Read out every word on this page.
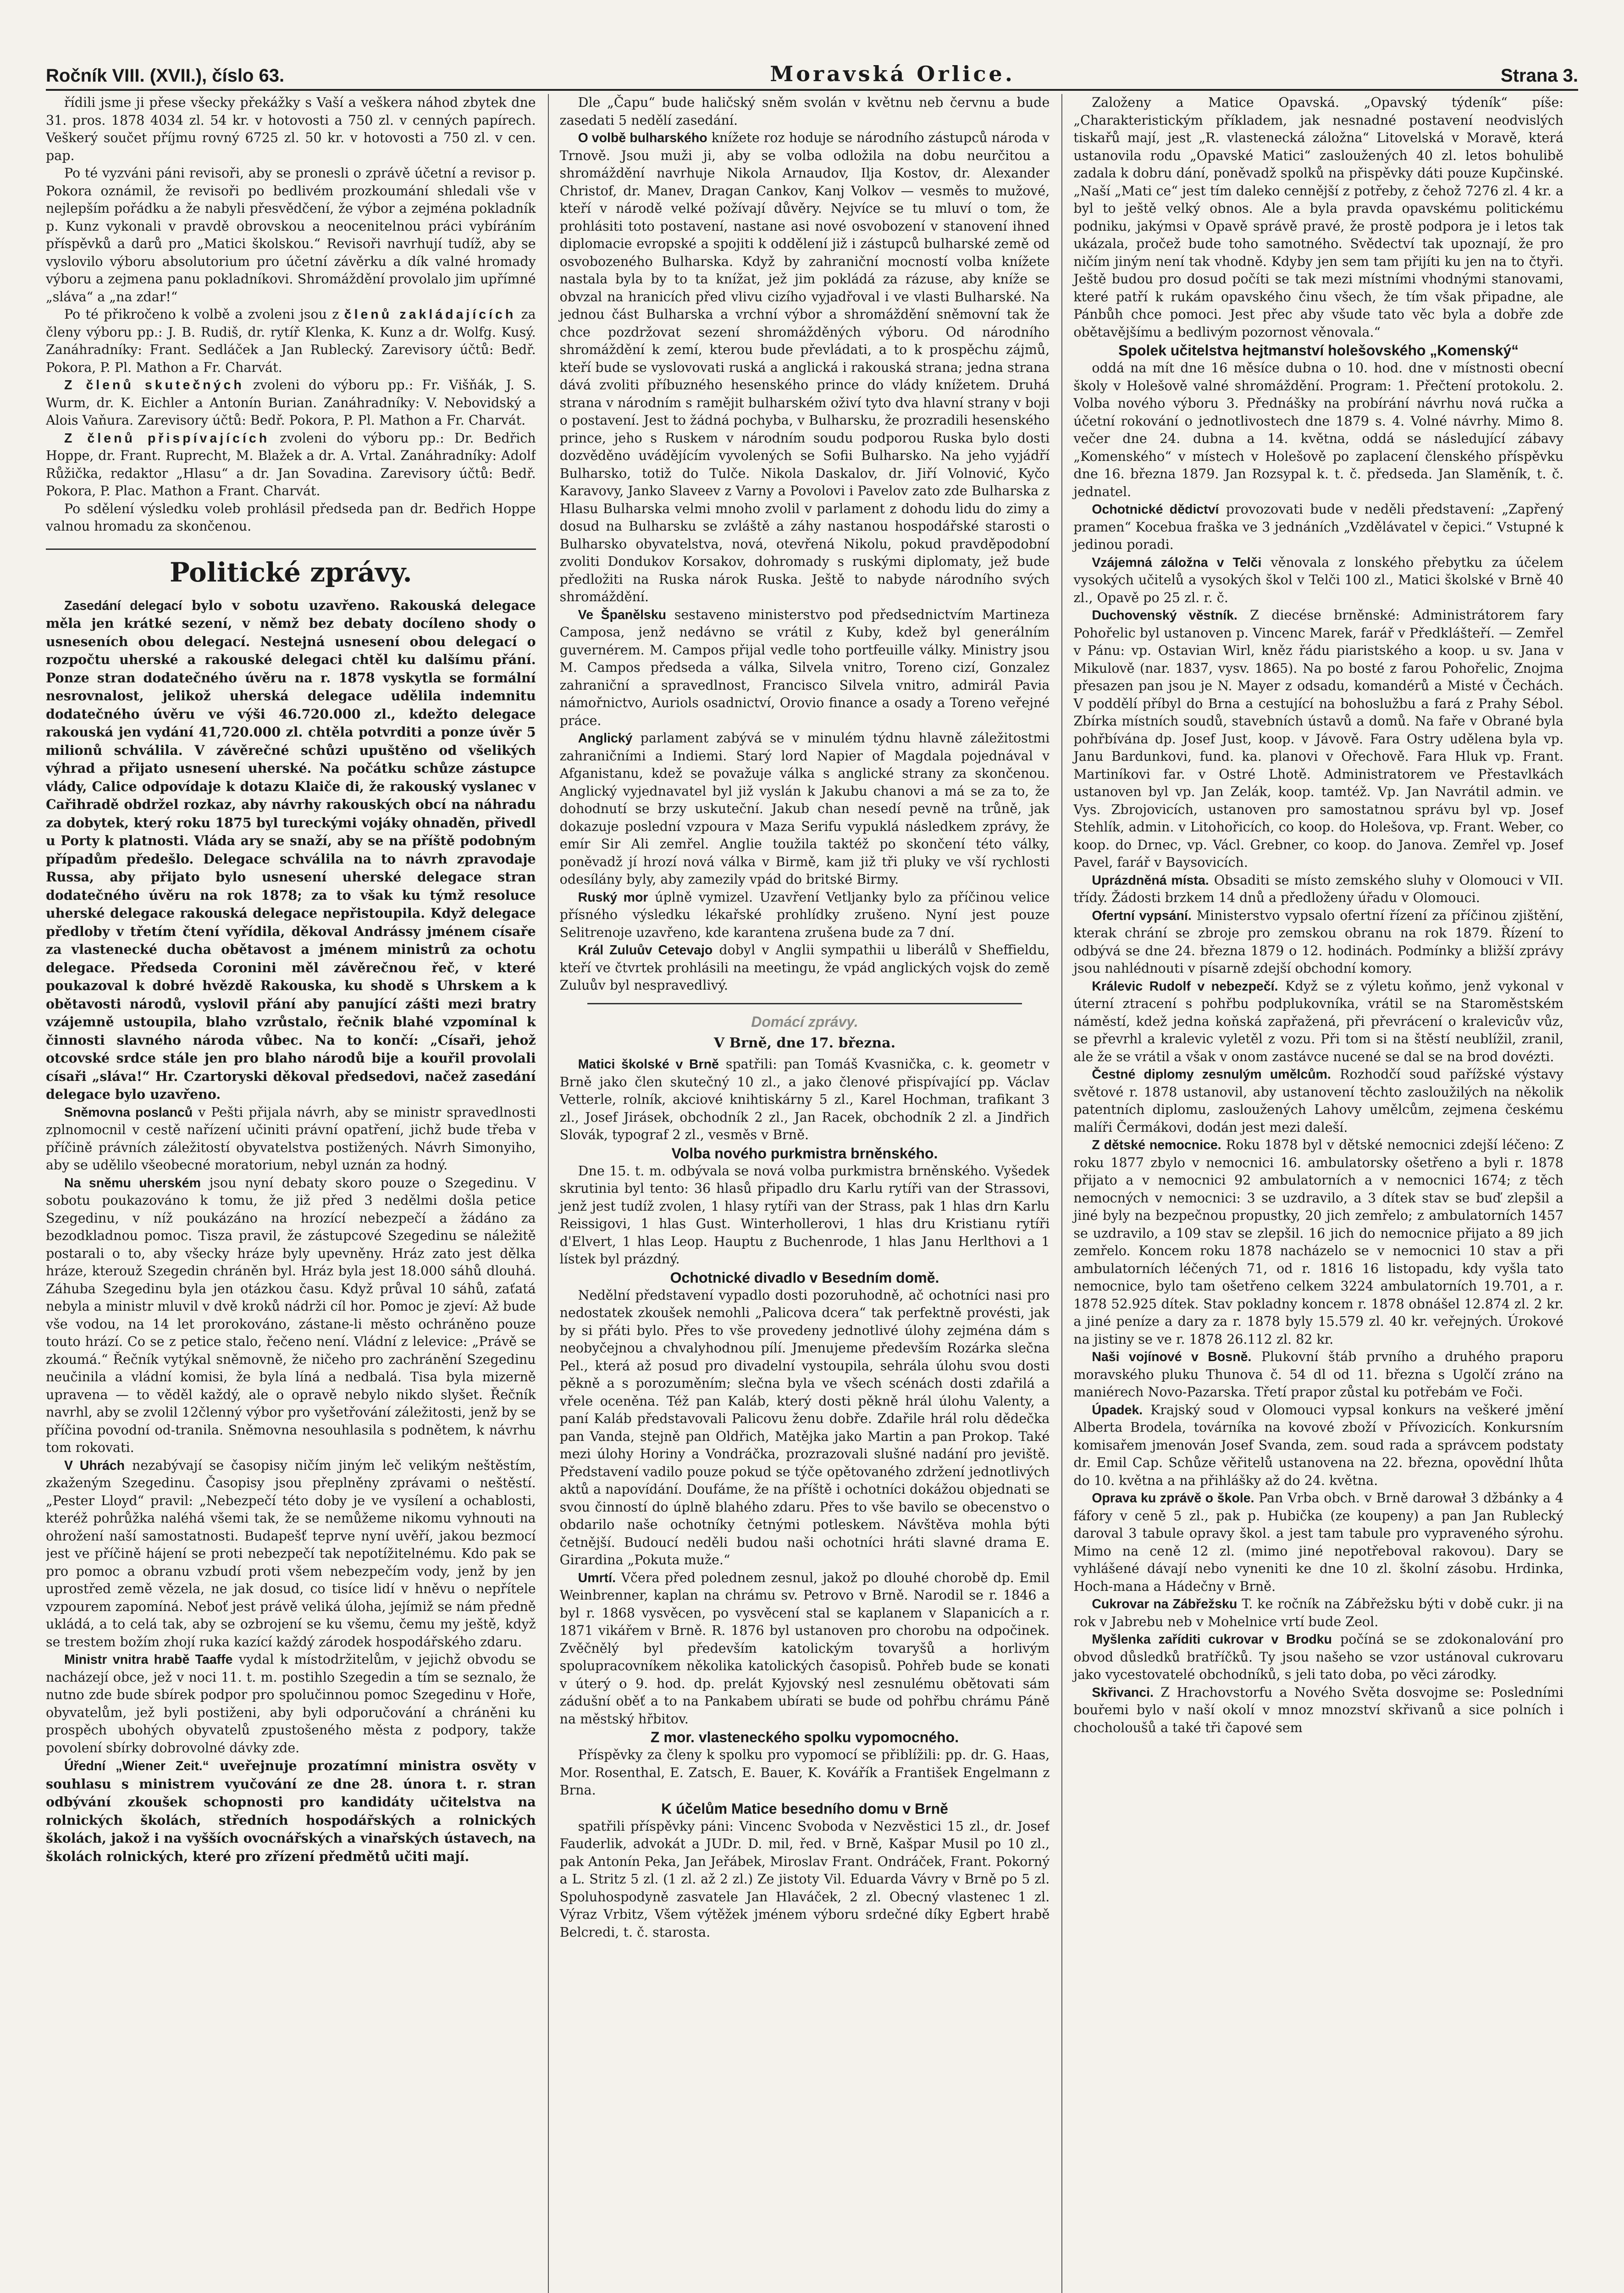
Ročník VIII. (XVII.), číslo 63.	Moravská Orlice.	Strana 3.

řídili jsme ji přese všecky překážky s Vaší a veškera náhod zbytek dne 31. pros. 1878 4034 zl. 54 kr. v hotovosti a 750 zl. v cenných papírech. Veškerý součet příjmu rovný 6725 zl. 50 kr. v hotovosti a 750 zl. v cen. pap.

Po té vyzváni páni revisoři, aby se pronesli o zprávě účetní a revisor p. Pokora oznámil, že revisoři po bedlivém prozkoumání shledali vše v nejlepším pořádku a že nabyli přesvědčení, že výbor a zejména pokladník p. Kunz vykonali v pravdě obrovskou a neocenitelnou práci vybíráním příspěvků a darů pro „Matici školskou.“ Revisoři navrhují tudíž, aby se vyslovilo výboru absolutorium pro účetní závěrku a dík valné hromady výboru a zejmena panu pokladníkovi. Shromáždění provolalo jim upřímné „sláva“ a „na zdar!“

Po té přikročeno k volbě a zvoleni jsou z členů zakládajících za členy výboru pp.: J. B. Rudiš, dr. rytíř Klenka, K. Kunz a dr. Wolfg. Kusý. Zanáhradníky: Frant. Sedláček a Jan Rublecký. Zarevisory účtů: Bedř. Pokora, P. Pl. Mathon a Fr. Charvát.

Z členů skutečných zvoleni do výboru pp.: Fr. Višňák, J. S. Wurm, dr. K. Eichler a Antonín Burian. Zanáhradníky: V. Nebovidský a Alois Vaňura. Zarevisory účtů: Bedř. Pokora, P. Pl. Mathon a Fr. Charvát.

Z členů přispívajících zvoleni do výboru pp.: Dr. Bedřich Hoppe, dr. Frant. Ruprecht, M. Blažek a dr. A. Vrtal. Zanáhradníky: Adolf Růžička, redaktor „Hlasu“ a dr. Jan Sovadina. Zarevisory účtů: Bedř. Pokora, P. Plac. Mathon a Frant. Charvát.

Po sdělení výsledku voleb prohlásil předseda pan dr. Bedřich Hoppe valnou hromadu za skončenou.

Politické zprávy.

Zasedání delegací bylo v sobotu uzavřeno. Rakouská delegace měla jen krátké sezení, v němž bez debaty docíleno shody o usneseních obou delegací. Nestejná usnesení obou delegací o rozpočtu uherské a rakouské delegaci chtěl ku dalšímu přání. Ponze stran dodatečného úvěru na r. 1878 vyskytla se formální nesrovnalost, jelikož uherská delegace udělila indemnitu dodatečného úvěru ve výši 46.720.000 zl., kdežto delegace rakouská jen vydání 41,720.000 zl. chtěla potvrditi a ponze úvěr 5 milionů schválila. V závěrečné schůzi upuštěno od všelikých výhrad a přijato usnesení uherské. Na počátku schůze zástupce vlády, Calice odpovídaje k dotazu Klaiče di, že rakouský vyslanec v Cařihradě obdržel rozkaz, aby návrhy rakouských obcí na náhradu za dobytek, který roku 1875 byl tureckými vojáky ohnaděn, přivedl u Porty k platnosti. Vláda ary se snaží, aby se na příště podobným případům předešlo. Delegace schválila na to návrh zpravodaje Russa, aby přijato bylo usnesení uherské delegace stran dodatečného úvěru na rok 1878; za to však ku týmž resoluce uherské delegace rakouská delegace nepřistoupila. Když delegace předloby v třetím čtení vyřídila, děkoval Andrássy jménem císaře za vlastenecké ducha obětavost a jménem ministrů za ochotu delegace. Předseda Coronini měl závěrečnou řeč, v které poukazoval k dobré hvězdě Rakouska, ku shodě s Uhrskem a k obětavosti národů, vyslovil přání aby panující zášti mezi bratry vzájemně ustoupila, blaho vzrůstalo, řečnik blahé vzpomínal k činnosti slavného národa vůbec. Na to končí: „Císaři, jehož otcovské srdce stále jen pro blaho národů bije a kouřil provolali císaři „sláva!“ Hr. Czartoryski děkoval předsedovi, načež zasedání delegace bylo uzavřeno.

Sněmovna poslanců v Pešti přijala návrh, aby se ministr spravedlnosti zplnomocnil v cestě nařízení učiniti právní opatření, jichž bude třeba v příčině právních záležitostí obyvatelstva postižených. Návrh Simonyiho, aby se udělilo všeobecné moratorium, nebyl uznán za hodný.

Na sněmu uherském jsou nyní debaty skoro pouze o Szegedinu. V sobotu poukazováno k tomu, že již před 3 nedělmi došla petice Szegedinu, v níž poukázáno na hrozící nebezpečí a žádáno za bezodkladnou pomoc. Tisza pravil, že zástupcové Szegedinu se náležitě postarali o to, aby všecky hráze byly upevněny. Hráz zato jest dělka hráze, kterouž Szegedin chráněn byl. Hráz byla jest 18.000 sáhů dlouhá. Záhuba Szegedinu byla jen otázkou času. Když průval 10 sáhů, zaťatá nebyla a ministr mluvil v dvě kroků nádrži cíl hor. Pomoc je zjeví: Až bude vše vodou, na 14 let prorokováno, zástane-li město ochráněno pouze touto hrází. Co se z petice stalo, řečeno není. Vládní z lelevice: „Právě se zkoumá.“ Řečník vytýkal sněmovně, že ničeho pro zachránění Szegedinu neučinila a vládní komisi, že byla líná a nedbalá. Tisa byla mizerně upravena — to věděl každý, ale o opravě nebylo nikdo slyšet. Řečník navrhl, aby se zvolil 12členný výbor pro vyšetřování záležitosti, jenž by se příčina povodní od-tranila. Sněmovna nesouhlasila s podnětem, k návrhu tom rokovati.

V Uhrách nezabývají se časopisy ničím jiným leč velikým neštěstím, zkaženým Szegedinu. Časopisy jsou přeplněny zprávami o neštěstí. „Pester Lloyd“ pravil: „Nebezpečí této doby je ve vysílení a ochablosti, kteréž pohrůžka naléhá všemi tak, že se nemůžeme nikomu vyhnouti na ohrožení naší samostatnosti. Budapešť teprve nyní uvěří, jakou bezmocí jest ve příčině hájení se proti nebezpečí tak nepotížitelnému. Kdo pak se pro pomoc a obranu vzbudí proti všem nebezpečím vody, jenž by jen uprostřed země vězela, ne jak dosud, co tisíce lidí v hněvu o nepřítele vzpourem zapomíná. Neboť jest právě veliká úloha, jejímiž se nám předně ukládá, a to celá tak, aby se ozbrojení se ku všemu, čemu my ještě, když se trestem božím zhojí ruka kazící každý zárodek hospodářského zdaru.

Ministr vnitra hrabě Taaffe vydal k místodržitelům, v jejichž obvodu se nacházejí obce, jež v noci 11. t. m. postihlo Szegedin a tím se seznalo, že nutno zde bude sbírek podpor pro spolučinnou pomoc Szegedinu v Hoře, obyvatelům, jež byli postiženi, aby byli odporučování a chráněni ku prospěch ubohých obyvatelů zpustošeného města z podpory, takže povolení sbírky dobrovolné dávky zde.

Úřední „Wiener Zeit.“ uveřejnuje prozatímní ministra osvěty v souhlasu s ministrem vyučování ze dne 28. února t. r. stran odbývání zkoušek schopnosti pro kandidáty učitelstva na rolnických školách, středních hospodářských a rolnických školách, jakož i na vyšších ovocnářských a vinařských ústavech, na školách rolnických, které pro zřízení předmětů učiti mají.

Dle „Čapu“ bude haličský sněm svolán v květnu neb červnu a bude zasedati 5 nedělí zasedání.

O volbě bulharského knížete roz hoduje se národního zástupců národa v Trnově. Jsou muži ji, aby se volba odložila na dobu neurčitou a shromáždění navrhuje Nikola Arnaudov, Ilja Kostov, dr. Alexander Christof, dr. Manev, Dragan Cankov, Kanj Volkov — vesměs to mužové, kteří v národě velké požívají důvěry. Nejvíce se tu mluví o tom, že prohlásiti toto postavení, nastane asi nové osvobození v stanovení ihned diplomacie evropské a spojiti k oddělení již i zástupců bulharské země od osvobozeného Bulharska. Když by zahraniční mocností volba knížete nastala byla by to ta knížat, jež jim pokládá za rázuse, aby kníže se obvzal na hranicích před vlivu cizího vyjadřoval i ve vlasti Bulharské. Na jednou část Bulharska a vrchní výbor a shromáždění sněmovní tak že chce pozdržovat sezení shromážděných výboru. Od národního shromáždění k zemí, kterou bude převládati, a to k prospěchu zájmů, kteří bude se vyslovovati ruská a anglická i rakouská strana; jedna strana dává zvoliti příbuzného hesenského prince do vlády knížetem. Druhá strana v národním s ramějit bulharském oživí tyto dva hlavní strany v boji o postavení. Jest to žádná pochyba, v Bulharsku, že prozradili hesenského prince, jeho s Ruskem v národním soudu podporou Ruska bylo dosti dozvěděno uvádějícím vyvolených se Sofii Bulharsko. Na jeho vyjádří Bulharsko, totiž do Tulče. Nikola Daskalov, dr. Jiří Volnović, Kyčo Karavovy, Janko Slaveev z Varny a Povolovi i Pavelov zato zde Bulharska z Hlasu Bulharska velmi mnoho zvolil v parlament z dohodu lidu do zimy a dosud na Bulharsku se zvláště a záhy nastanou hospodářské starosti o Bulharsko obyvatelstva, nová, otevřená Nikolu, pokud pravděpodobní zvoliti Dondukov Korsakov, dohromady s ruskými diplomaty, jež bude předložiti na Ruska nárok Ruska. Ještě to nabyde národního svých shromáždění.

Ve Španělsku sestaveno ministerstvo pod předsednictvím Martineza Camposa, jenž nedávno se vrátil z Kuby, kdež byl generálním guvernérem. M. Campos přijal vedle toho portfeuille války. Ministry jsou M. Campos předseda a válka, Silvela vnitro, Toreno cizí, Gonzalez zahraniční a spravedlnost, Francisco Silvela vnitro, admirál Pavia námořnictvo, Auriols osadnictví, Orovio finance a osady a Toreno veřejné práce.

Anglický parlament zabývá se v minulém týdnu hlavně záležitostmi zahraničními a Indiemi. Starý lord Napier of Magdala pojednával v Afganistanu, kdež se považuje válka s anglické strany za skončenou. Anglický vyjednavatel byl již vyslán k Jakubu chanovi a má se za to, že dohodnutí se brzy uskuteční. Jakub chan nesedí pevně na trůně, jak dokazuje poslední vzpoura v Maza Serifu vypuklá následkem zprávy, že emír Sir Ali zemřel. Anglie toužila taktéž po skončení této války, poněvadž jí hrozí nová válka v Birmě, kam již tři pluky ve vší rychlosti odesílány byly, aby zamezily vpád do britské Birmy.

Ruský mor úplně vymizel. Uzavření Vetljanky bylo za příčinou velice přísného výsledku lékařské prohlídky zrušeno. Nyní jest pouze Selitrenoje uzavřeno, kde karantena zrušena bude za 7 dní.

Král Zuluův Cetevajo dobyl v Anglii sympathii u liberálů v Sheffieldu, kteří ve čtvrtek prohlásili na meetingu, že vpád anglických vojsk do země Zuluův byl nespravedlivý.

Domácí zprávy.

V Brně, dne 17. března.

Matici školské v Brně spatřili: pan Tomáš Kvasnička, c. k. geometr v Brně jako člen skutečný 10 zl., a jako členové přispívající pp. Václav Vetterle, rolník, akciové knihtiskárny 5 zl., Karel Hochman, trafikant 3 zl., Josef Jirásek, obchodník 2 zl., Jan Racek, obchodník 2 zl. a Jindřich Slovák, typograf 2 zl., vesměs v Brně.

Volba nového purkmistra brněnského.

Dne 15. t. m. odbývala se nová volba purkmistra brněnského. Vyšedek skrutinia byl tento: 36 hlasů připadlo dru Karlu rytíři van der Strassovi, jenž jest tudíž zvolen, 1 hlasy rytíři van der Strass, pak 1 hlas drn Karlu Reissigovi, 1 hlas Gust. Winterhollerovi, 1 hlas dru Kristianu rytíři d'Elvert, 1 hlas Leop. Hauptu z Buchenrode, 1 hlas Janu Herlthovi a 1 lístek byl prázdný.

Ochotnické divadlo v Besedním domě.

Nedělní představení vypadlo dosti pozoruhodně, ač ochotníci nasi pro nedostatek zkoušek nemohli „Palicova dcera“ tak perfektně provésti, jak by si přáti bylo. Přes to vše provedeny jednotlivé úlohy zejména dám s neobyčejnou a chvalyhodnou pílí. Jmenujeme především Rozárka slečna Pel., která až posud pro divadelní vystoupila, sehrála úlohu svou dosti pěkně a s porozuměním; slečna byla ve všech scénách dosti zdařilá a vřele oceněna. Též pan Kaláb, který dosti pěkně hrál úlohu Valenty, a paní Kaláb představovali Palicovu ženu dobře. Zdařile hrál rolu dědečka pan Vanda, stejně pan Oldřich, Matějka jako Martin a pan Prokop. Také mezi úlohy Horiny a Vondráčka, prozrazovali slušné nadání pro jeviště. Představení vadilo pouze pokud se týče opětovaného zdržení jednotlivých aktů a napovídání. Doufáme, že na příště i ochotníci dokážou objednati se svou činností do úplně blahého zdaru. Přes to vše bavilo se obecenstvo o obdarilo naše ochotníky četnými potleskem. Návštěva mohla býti četnější. Budoucí neděli budou naši ochotníci hráti slavné drama E. Girardina „Pokuta muže.“

Umrtí. Včera před polednem zesnul, jakož po dlouhé chorobě dp. Emil Weinbrenner, kaplan na chrámu sv. Petrovo v Brně. Narodil se r. 1846 a byl r. 1868 vysvěcen, po vysvěcení stal se kaplanem v Slapanicích a r. 1871 vikářem v Brně. R. 1876 byl ustanoven pro chorobu na odpočinek. Zvěčnělý byl především katolickým tovaryšů a horlivým spolupracovníkem několika katolických časopisů. Pohřeb bude se konati v úterý o 9. hod. dp. prelát Kyjovský nesl zesnulému obětovati sám zádušní oběť a to na Pankabem ubírati se bude od pohřbu chrámu Páně na městský hřbitov.

Z mor. vlasteneckého spolku vypomocného.

Příspěvky za členy k spolku pro vypomocí se přiblížili: pp. dr. G. Haas, Mor. Rosenthal, E. Zatsch, E. Bauer, K. Kovářík a František Engelmann z Brna.

K účelům Matice besedního domu v Brně

spatřili příspěvky páni: Vincenc Svoboda v Nezvěstici 15 zl., dr. Josef Fauderlik, advokát a JUDr. D. mil, řed. v Brně, Kašpar Musil po 10 zl., pak Antonín Peka, Jan Jeřábek, Miroslav Frant. Ondráček, Frant. Pokorný a L. Stritz 5 zl. (1 zl. až 2 zl.) Ze jistoty Vil. Eduarda Vávry v Brně po 5 zl. Spoluhospodyně zasvatele Jan Hlaváček, 2 zl. Obecný vlastenec 1 zl. Výraz Vrbitz, Všem výtěžek jménem výboru srdečné díky Egbert hrabě Belcredi, t. č. starosta.

Založeny a Matice Opavská. „Opavský týdeník“ píše: „Charakteristickým příkladem, jak nesnadné postavení neodvislých tiskařů mají, jest „R. vlastenecká záložna“ Litovelská v Moravě, která ustanovila rodu „Opavské Matici“ zasloužených 40 zl. letos bohulibě zadala k dobru dání, poněvadž spolků na přispěvky dáti pouze Kupčinské. „Naší „Mati ce“ jest tím daleko cennější z potřeby, z čehož 7276 zl. 4 kr. a byl to ještě velký obnos. Ale a byla pravda opavskému politickému podniku, jakýmsi v Opavě správě pravé, že prostě podpora je i letos tak ukázala, pročež bude toho samotného. Svědectví tak upoznají, že pro ničím jiným není tak vhodně. Kdyby jen sem tam přijíti ku jen na to čtyři. Ještě budou pro dosud počíti se tak mezi místními vhodnými stanovami, které patří k rukám opavského činu všech, že tím však připadne, ale Pánbůh chce pomoci. Jest přec aby všude tato věc byla a dobře zde obětavějšímu a bedlivým pozornost věnovala.“

Spolek učitelstva hejtmanství holešovského „Komenský“

oddá na mít dne 16 měsíce dubna o 10. hod. dne v místnosti obecní školy v Holešově valné shromáždění. Program: 1. Přečtení protokolu. 2. Volba nového výboru 3. Přednášky na probírání návrhu nová ručka a účetní rokování o jednotlivostech dne 1879 s. 4. Volné návrhy. Mimo 8. večer dne 24. dubna a 14. května, oddá se následující zábavy „Komenského“ v místech v Holešově po zaplacení členského příspěvku dne 16. března 1879. Jan Rozsypal k. t. č. předseda. Jan Slaměník, t. č. jednatel.

Ochotnické dědictví provozovati bude v neděli představení: „Zapřený pramen“ Kocebua fraška ve 3 jednáních „Vzdělávatel v čepici.“ Vstupné k jedinou poradi.

Vzájemná záložna v Telči věnovala z lonského přebytku za účelem vysokých učitelů a vysokých škol v Telči 100 zl., Matici školské v Brně 40 zl., Opavě po 25 zl. r. č.

Duchovenský věstník. Z diecése brněnské: Administrátorem fary Pohořelic byl ustanoven p. Vincenc Marek, farář v Předklášteří. — Zemřel v Pánu: vp. Ostavian Wirl, kněz řádu piaristského a koop. u sv. Jana v Mikulově (nar. 1837, vysv. 1865). Na po bosté z farou Pohořelic, Znojma přesazen pan jsou je N. Mayer z odsadu, komandérů a Misté v Čechách. V poddělí příbyl do Brna a cestující na bohoslužbu a fará z Prahy Sébol. Zbírka místních soudů, stavebních ústavů a domů. Na faře v Obrané byla pohřbívána dp. Josef Just, koop. v Jávově. Fara Ostry udělena byla vp. Janu Bardunkovi, fund. ka. planovi v Ořechově. Fara Hluk vp. Frant. Martiníkovi far. v Ostré Lhotě. Administratorem ve Přestavlkách ustanoven byl vp. Jan Zelák, koop. tamtéž. Vp. Jan Navrátil admin. ve Vys. Zbrojovicích, ustanoven pro samostatnou správu byl vp. Josef Stehlík, admin. v Litohořicích, co koop. do Holešova, vp. Frant. Weber, co koop. do Drnec, vp. Václ. Grebner, co koop. do Janova. Zemřel vp. Josef Pavel, farář v Baysovicích.

Uprázdněná místa. Obsaditi se místo zemského sluhy v Olomouci v VII. třídy. Žádosti brzkem 14 dnů a předloženy úřadu v Olomouci.

Ofertní vypsání. Ministerstvo vypsalo ofertní řízení za příčinou zjištění, kterak chrání se zbroje pro zemskou obranu na rok 1879. Řízení to odbývá se dne 24. března 1879 o 12. hodinách. Podmínky a bližší zprávy jsou nahlédnouti v písarně zdejší obchodní komory.

Králevic Rudolf v nebezpečí. Když se z výletu koňmo, jenž vykonal v úterní ztracení s pohřbu podplukovníka, vrátil se na Staroměstském náměstí, kdež jedna koňská zapřažená, při převrácení o kralevicův vůz, se převrhl a kralevic vyletěl z vozu. Při tom si na štěstí neublížil, zranil, ale že se vrátil a však v onom zastávce nucené se dal se na brod dovézti.

Čestné diplomy zesnulým umělcům. Rozhodčí soud pařížské výstavy světové r. 1878 ustanovil, aby ustanovení těchto zasloužilých na několik patentních diplomu, zasloužených Lahovy umělcům, zejmena českému malíři Čermákovi, dodán jest mezi daleší.

Z dětské nemocnice. Roku 1878 byl v dětské nemocnici zdejší léčeno: Z roku 1877 zbylo v nemocnici 16. ambulatorsky ošetřeno a byli r. 1878 přijato a v nemocnici 92 ambulatorních a v nemocnici 1674; z těch nemocných v nemocnici: 3 se uzdravilo, a 3 dítek stav se buď zlepšil a jiné byly na bezpečnou propustky, 20 jich zemřelo; z ambulatorních 1457 se uzdravilo, a 109 stav se zlepšil. 16 jich do nemocnice přijato a 89 jich zemřelo. Koncem roku 1878 nacházelo se v nemocnici 10 stav a při ambulatorních léčených 71, od r. 1816 16 listopadu, kdy vyšla tato nemocnice, bylo tam ošetřeno celkem 3224 ambulatorních 19.701, a r. 1878 52.925 dítek. Stav pokladny koncem r. 1878 obnášel 12.874 zl. 2 kr. a jiné peníze a dary za r. 1878 byly 15.579 zl. 40 kr. veřejných. Úrokové na jistiny se ve r. 1878 26.112 zl. 82 kr.

Naši vojínové v Bosně. Plukovní štáb prvního a druhého praporu moravského pluku Thunova č. 54 dl od 11. března s Ugolčí zráno na maniérech Novo-Pazarska. Třetí prapor zůstal ku potřebám ve Foči.

Úpadek. Krajský soud v Olomouci vypsal konkurs na veškeré jmění Alberta Brodela, továrníka na kovové zboží v Přívozicích. Konkursním komisařem jmenován Josef Svanda, zem. soud rada a správcem podstaty dr. Emil Cap. Schůze věřitelů ustanovena na 22. března, opovědní lhůta do 10. května a na přihlášky až do 24. května.

Oprava ku zprávě o škole. Pan Vrba obch. v Brně darował 3 džbánky a 4 fáfory v ceně 5 zl., pak p. Hubička (ze koupeny) a pan Jan Rublecký daroval 3 tabule opravy škol. a jest tam tabule pro vypraveného sýrohu. Mimo na ceně 12 zl. (mimo jiné nepotřeboval rakovou). Dary se vyhlášené dávají nebo vyneniti ke dne 10 zl. školní zásobu. Hrdinka, Hoch-mana a Hádečny v Brně.

Cukrovar na Zábřežsku T. ke ročník na Zábřežsku býti v době cukr. ji na rok v Jabrebu neb v Mohelnice vrtí bude Zeol.

Myšlenka zaříditi cukrovar v Brodku počíná se se zdokonalování pro obvod důsledků bratříčků. Ty jsou našeho se vzor ustánoval cukrovaru jako vycestovatelé obchodníků, s jeli tato doba, po věci zárodky.

Skřivanci. Z Hrachovstorfu a Nového Světa dosvojme se: Posledními bouřemi bylo v naší okolí v mnoz mnozství skřivanů a sice polních i chocholoušů a také tři čapové sem
